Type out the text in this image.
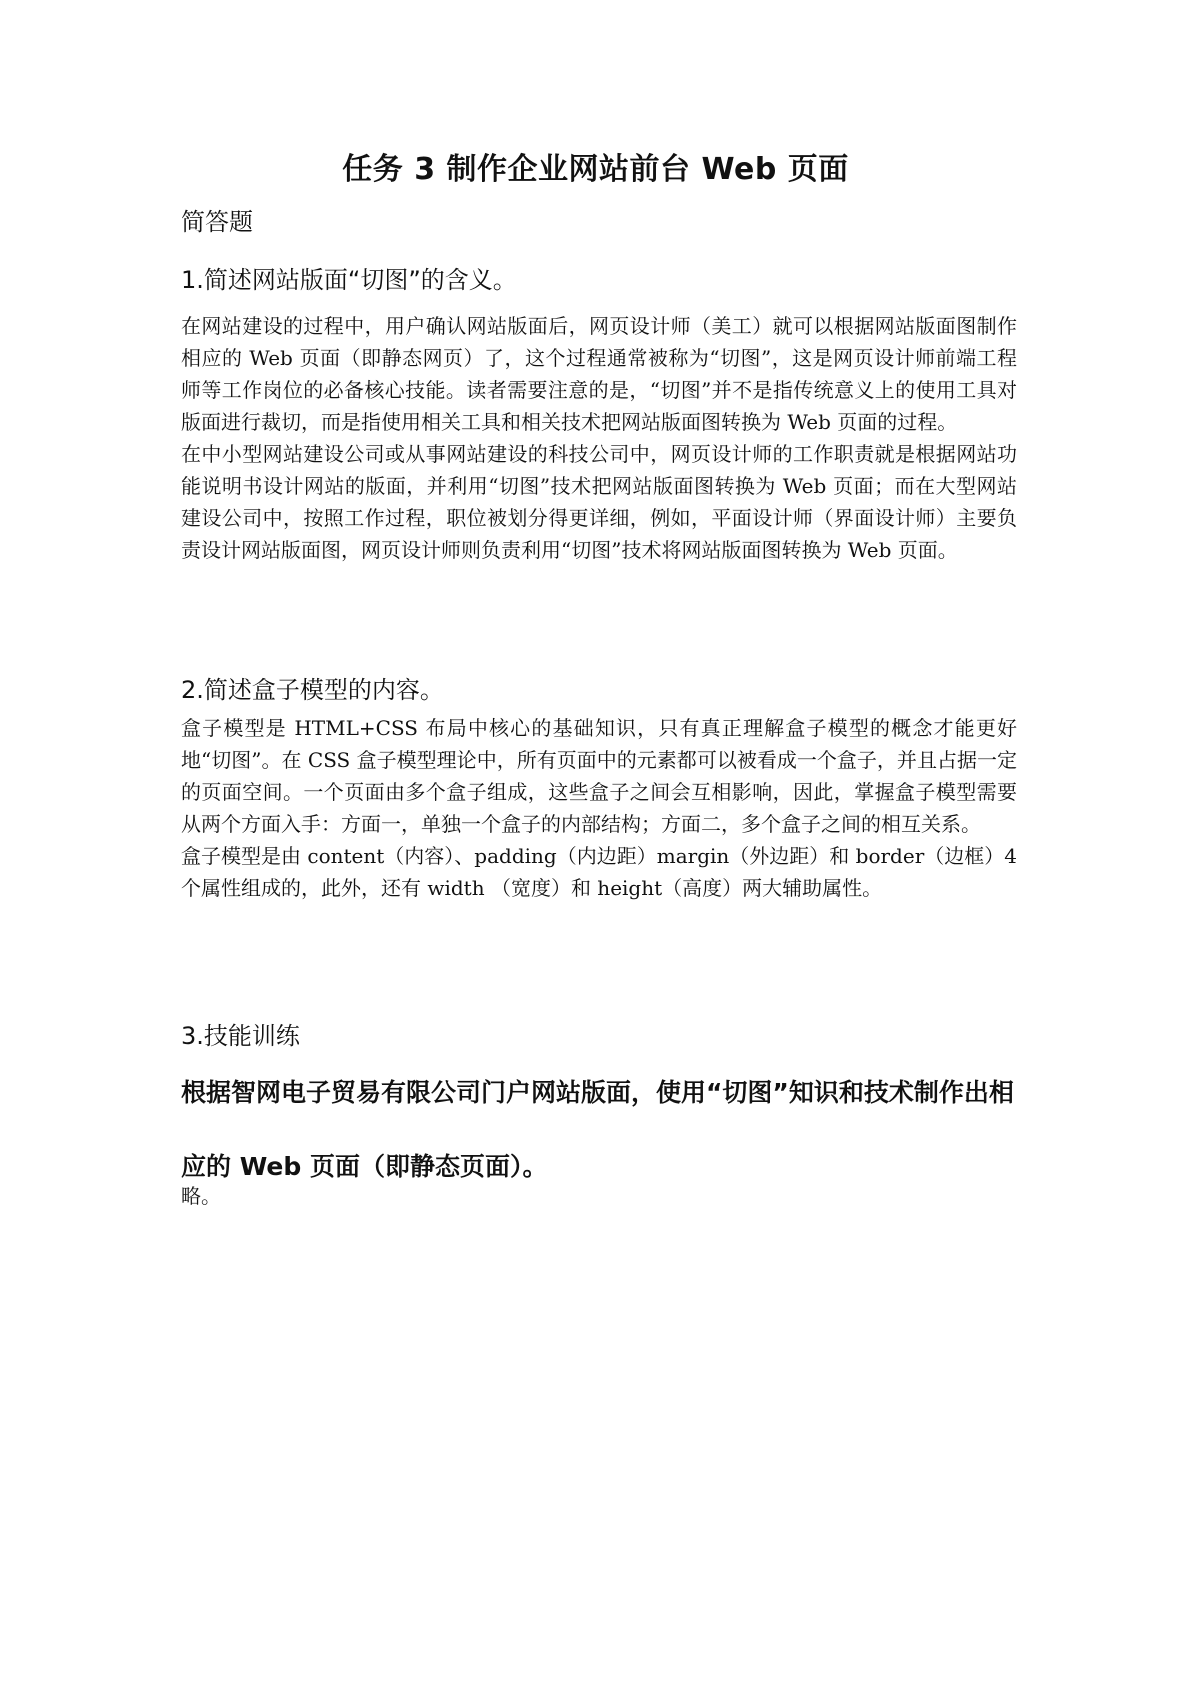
任务 3 制作企业网站前台 Web 页面
简答题
1.简述网站版面“切图”的含义。

在网站建设的过程中，用户确认网站版面后，网页设计师（美工）就可以根据网站版面图制作相应的 Web 页面（即静态网页）了，这个过程通常被称为“切图”，这是网页设计师前端工程师等工作岗位的必备核心技能。读者需要注意的是，“切图”并不是指传统意义上的使用工具对版面进行裁切，而是指使用相关工具和相关技术把网站版面图转换为 Web 页面的过程。

在中小型网站建设公司或从事网站建设的科技公司中，网页设计师的工作职责就是根据网站功能说明书设计网站的版面，并利用“切图”技术把网站版面图转换为 Web 页面；而在大型网站建设公司中，按照工作过程，职位被划分得更详细，例如，平面设计师（界面设计师）主要负责设计网站版面图，网页设计师则负责利用“切图”技术将网站版面图转换为 Web 页面。

2.简述盒子模型的内容。

盒子模型是 HTML+CSS 布局中核心的基础知识，只有真正理解盒子模型的概念才能更好地“切图”。在 CSS 盒子模型理论中，所有页面中的元素都可以被看成一个盒子，并且占据一定的页面空间。一个页面由多个盒子组成，这些盒子之间会互相影响，因此，掌握盒子模型需要从两个方面入手：方面一，单独一个盒子的内部结构；方面二，多个盒子之间的相互关系。

盒子模型是由 content（内容）、padding（内边距）margin（外边距）和 border（边框）4 个属性组成的，此外，还有 width （宽度）和 height（高度）两大辅助属性。

3.技能训练
根据智网电子贸易有限公司门户网站版面，使用“切图”知识和技术制作出相应的 Web 页面（即静态页面）。
略。
